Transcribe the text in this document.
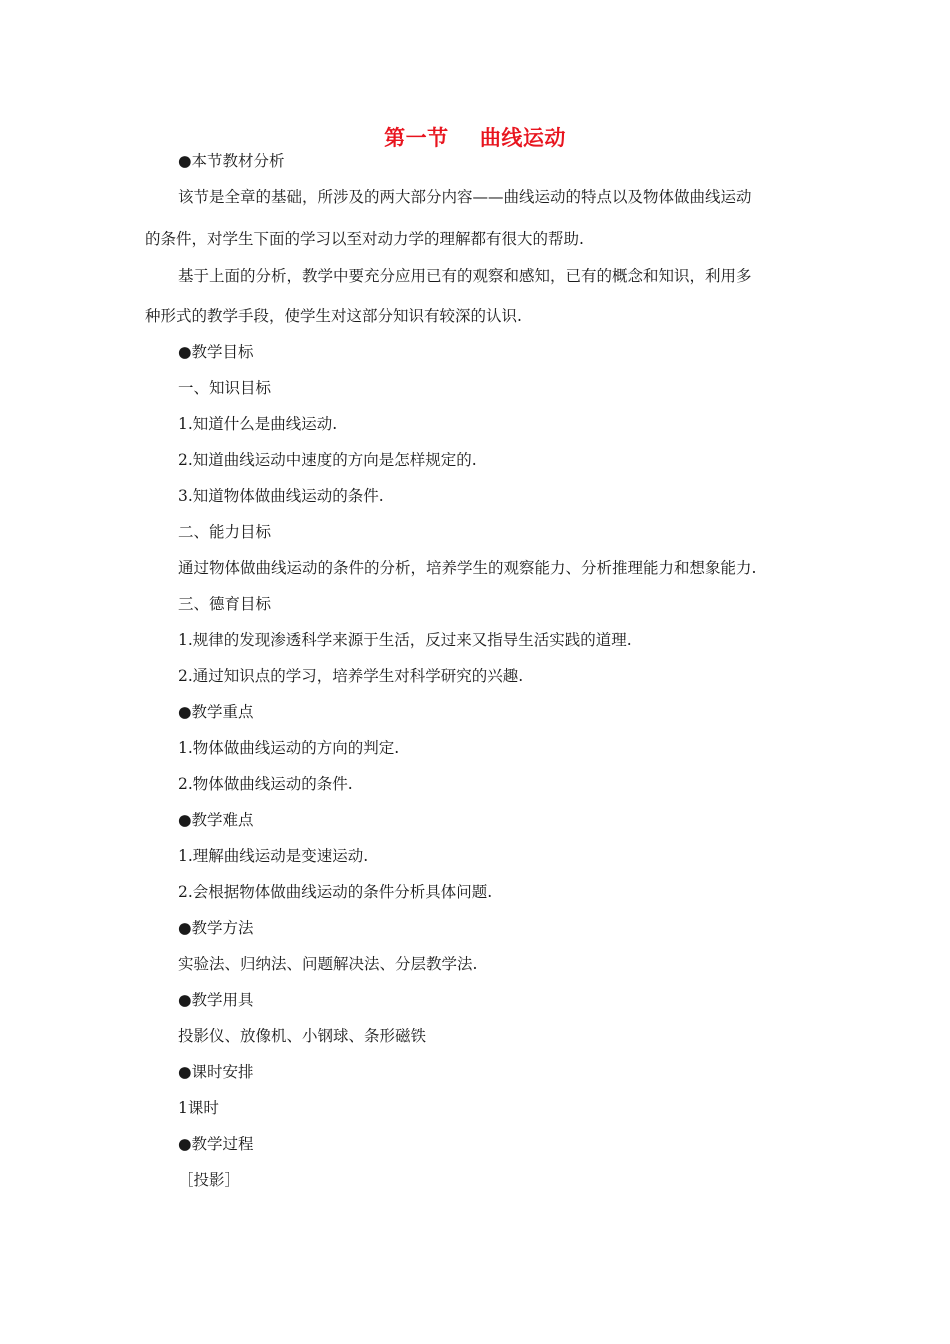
第一节    曲线运动
●本节教材分析
该节是全章的基础，所涉及的两大部分内容——曲线运动的特点以及物体做曲线运动
的条件，对学生下面的学习以至对动力学的理解都有很大的帮助.
基于上面的分析，教学中要充分应用已有的观察和感知，已有的概念和知识，利用多
种形式的教学手段，使学生对这部分知识有较深的认识.
●教学目标
一、知识目标
1.知道什么是曲线运动.
2.知道曲线运动中速度的方向是怎样规定的.
3.知道物体做曲线运动的条件.
二、能力目标
通过物体做曲线运动的条件的分析，培养学生的观察能力、分析推理能力和想象能力.
三、德育目标
1.规律的发现渗透科学来源于生活，反过来又指导生活实践的道理.
2.通过知识点的学习，培养学生对科学研究的兴趣.
●教学重点
1.物体做曲线运动的方向的判定.
2.物体做曲线运动的条件.
●教学难点
1.理解曲线运动是变速运动.
2.会根据物体做曲线运动的条件分析具体问题.
●教学方法
实验法、归纳法、问题解决法、分层教学法.
●教学用具
投影仪、放像机、小钢球、条形磁铁
●课时安排
1课时
●教学过程
［投影］
